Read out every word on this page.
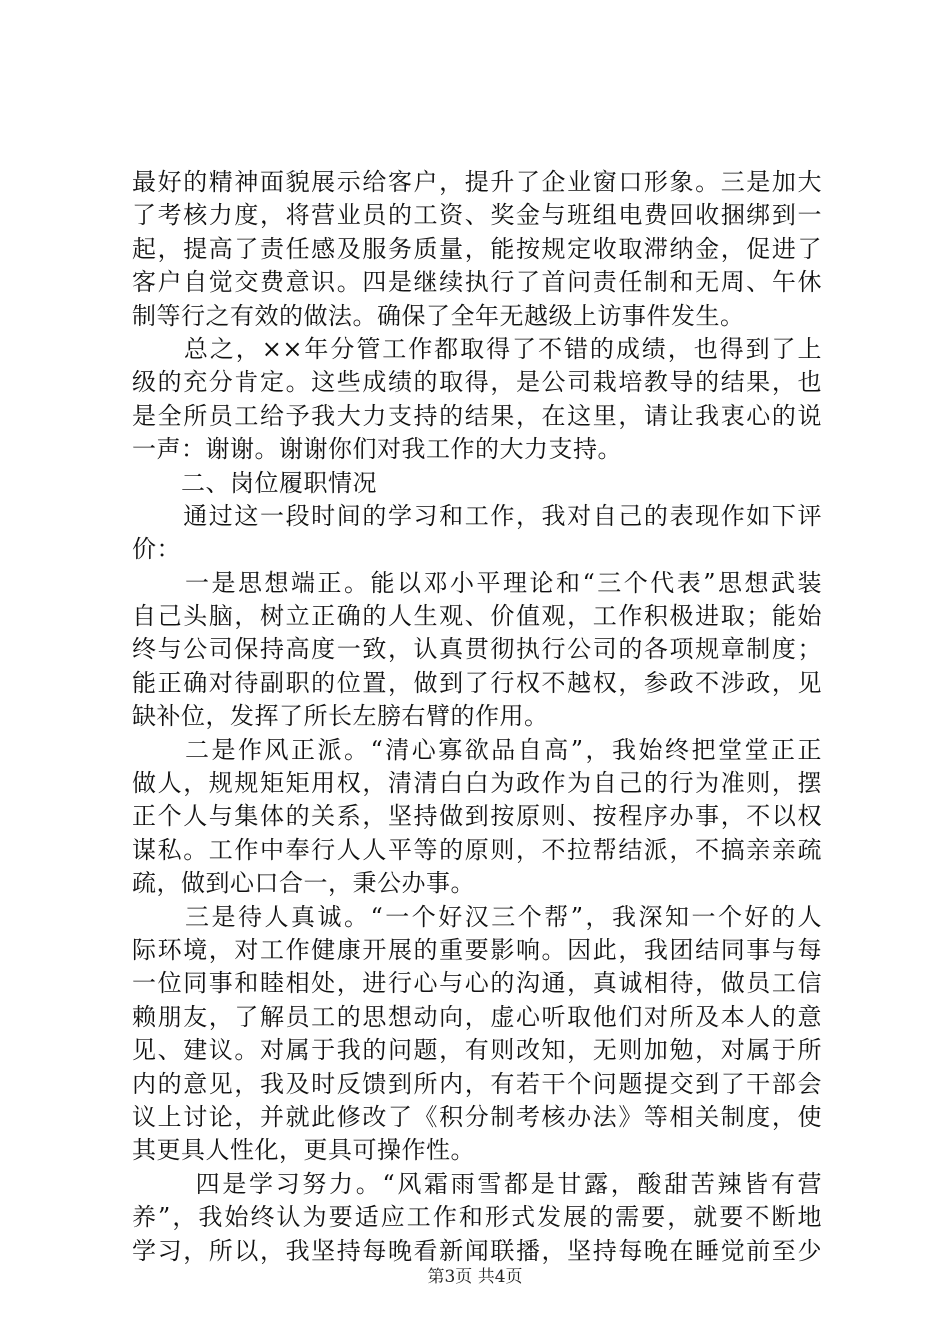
最好的精神面貌展示给客户，提升了企业窗口形象。三是加大
了考核力度，将营业员的工资、奖金与班组电费回收捆绑到一
起，提高了责任感及服务质量，能按规定收取滞纳金，促进了
客户自觉交费意识。四是继续执行了首问责任制和无周、午休
制等行之有效的做法。确保了全年无越级上访事件发生。
　　总之，××年分管工作都取得了不错的成绩，也得到了上
级的充分肯定。这些成绩的取得，是公司栽培教导的结果，也
是全所员工给予我大力支持的结果，在这里，请让我衷心的说
一声：谢谢。谢谢你们对我工作的大力支持。
　　二、岗位履职情况
　　通过这一段时间的学习和工作，我对自己的表现作如下评
价：
　　一是思想端正。能以邓小平理论和“三个代表”思想武装
自己头脑，树立正确的人生观、价值观，工作积极进取；能始
终与公司保持高度一致，认真贯彻执行公司的各项规章制度；
能正确对待副职的位置，做到了行权不越权，参政不涉政，见
缺补位，发挥了所长左膀右臂的作用。
　　二是作风正派。“清心寡欲品自高”，我始终把堂堂正正
做人，规规矩矩用权，清清白白为政作为自己的行为准则，摆
正个人与集体的关系，坚持做到按原则、按程序办事，不以权
谋私。工作中奉行人人平等的原则，不拉帮结派，不搞亲亲疏
疏，做到心口合一，秉公办事。
　　三是待人真诚。“一个好汉三个帮”，我深知一个好的人
际环境，对工作健康开展的重要影响。因此，我团结同事与每
一位同事和睦相处，进行心与心的沟通，真诚相待，做员工信
赖朋友，了解员工的思想动向，虚心听取他们对所及本人的意
见、建议。对属于我的问题，有则改知，无则加勉，对属于所
内的意见，我及时反馈到所内，有若干个问题提交到了干部会
议上讨论，并就此修改了《积分制考核办法》等相关制度，使
其更具人性化，更具可操作性。
　　 四是学习努力。“风霜雨雪都是甘露，酸甜苦辣皆有营
养”，我始终认为要适应工作和形式发展的需要，就要不断地
学习，所以，我坚持每晚看新闻联播，坚持每晚在睡觉前至少
第3页 共4页
